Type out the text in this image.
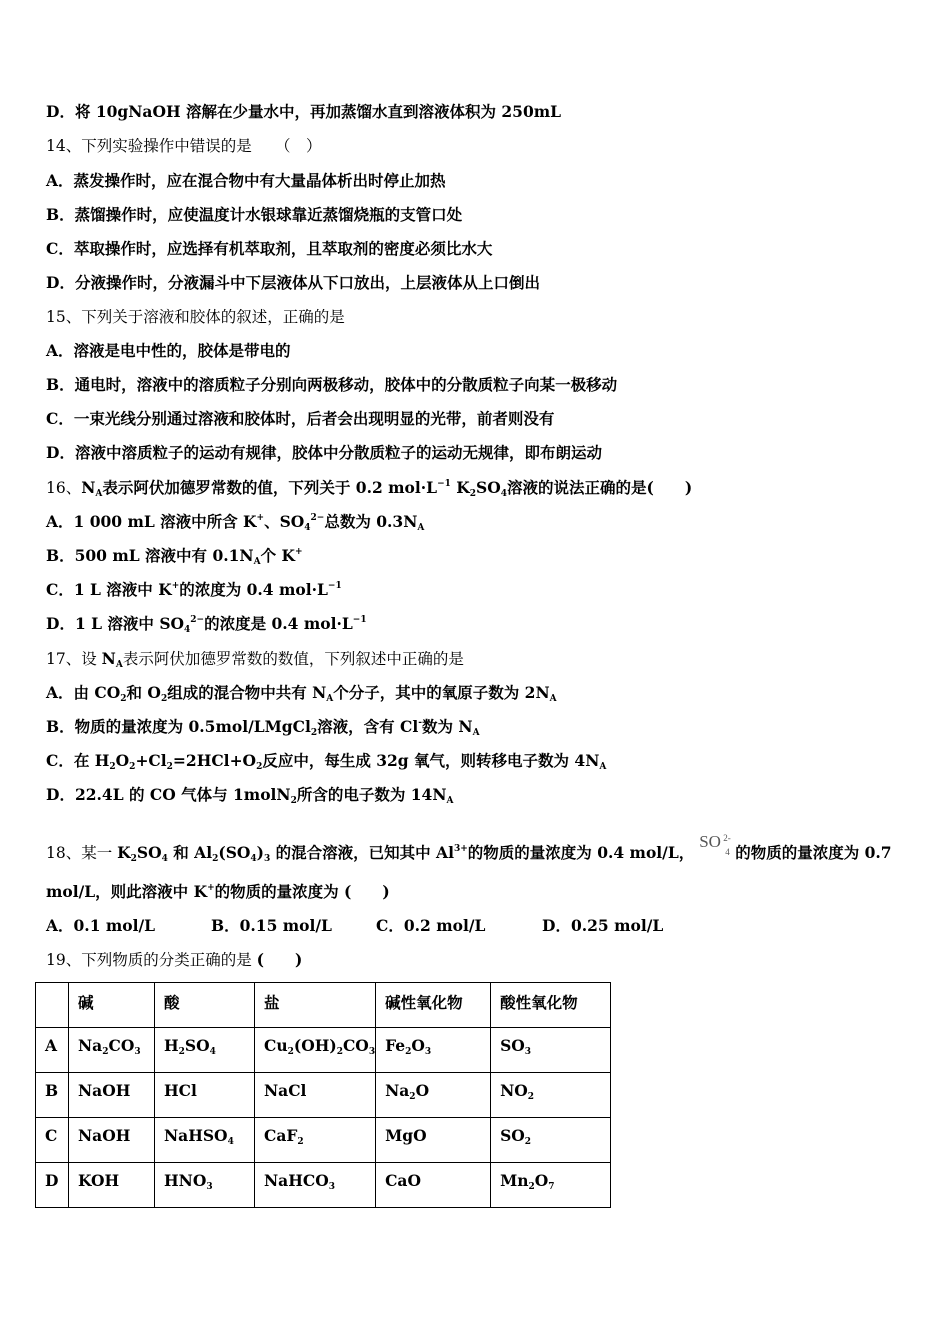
D．将 10gNaOH 溶解在少量水中，再加蒸馏水直到溶液体积为 250mL
14、下列实验操作中错误的是　　（　）
A．蒸发操作时，应在混合物中有大量晶体析出时停止加热
B．蒸馏操作时，应使温度计水银球靠近蒸馏烧瓶的支管口处
C．萃取操作时，应选择有机萃取剂，且萃取剂的密度必须比水大
D．分液操作时，分液漏斗中下层液体从下口放出，上层液体从上口倒出
15、下列关于溶液和胶体的叙述，正确的是
A．溶液是电中性的，胶体是带电的
B．通电时，溶液中的溶质粒子分别向两极移动，胶体中的分散质粒子向某一极移动
C．一束光线分别通过溶液和胶体时，后者会出现明显的光带，前者则没有
D．溶液中溶质粒子的运动有规律，胶体中分散质粒子的运动无规律，即布朗运动
16、$N_A$表示阿伏加德罗常数的值，下列关于 0.2 $mol\cdot L^{-1}$ $K_2SO_4$溶液的说法正确的是(　　)
A．1 000 mL 溶液中所含 K+、$SO_4^{2-}$总数为 $0.3N_A$
B．500 mL 溶液中有 $0.1N_A$个 K+
C．1 L 溶液中 K+的浓度为 0.4 $mol\cdot L^{-1}$
D．1 L 溶液中 $SO_4^{2-}$的浓度是 0.4 $mol\cdot L^{-1}$
17、设 $N_A$表示阿伏加德罗常数的数值，下列叙述中正确的是
A．由 $CO_2$和 $O_2$组成的混合物中共有 $N_A$个分子，其中的氧原子数为 $2N_A$
B．物质的量浓度为 0.5mol/LMgCl$_2$溶液，含有 Cl-数为 $N_A$
C．在 $H_2O_2+Cl_2=2HCl+O_2$反应中，每生成 32g 氧气，则转移电子数为 $4N_A$
D．22.4L 的 CO 气体与 1molN$_2$所含的电子数为 $14N_A$
18、某一 $K_2SO_4$ 和 $Al_2(SO_4)_3$ 的混合溶液，已知其中 $Al^{3+}$的物质的量浓度为 0.4 mol/L，
SO 2-
4 的物质的量浓度为 0.7
mol/L，则此溶液中 K+的物质的量浓度为 (　　)
A．0.1 mol/L	B．0.15 mol/L	C．0.2 mol/L	D．0.25 mol/L
19、下列物质的分类正确的是 (　　)
	碱	酸	盐	碱性氧化物	酸性氧化物
A	$Na_2CO_3$	$H_2SO_4$	$Cu_2(OH)_2CO_3$	$Fe_2O_3$	$SO_3$
B	NaOH	HCl	NaCl	$Na_2O$	$NO_2$
C	NaOH	NaHSO$_4$	CaF$_2$	MgO	$SO_2$
D	KOH	$HNO_3$	NaHCO$_3$	CaO	$Mn_2O_7$
